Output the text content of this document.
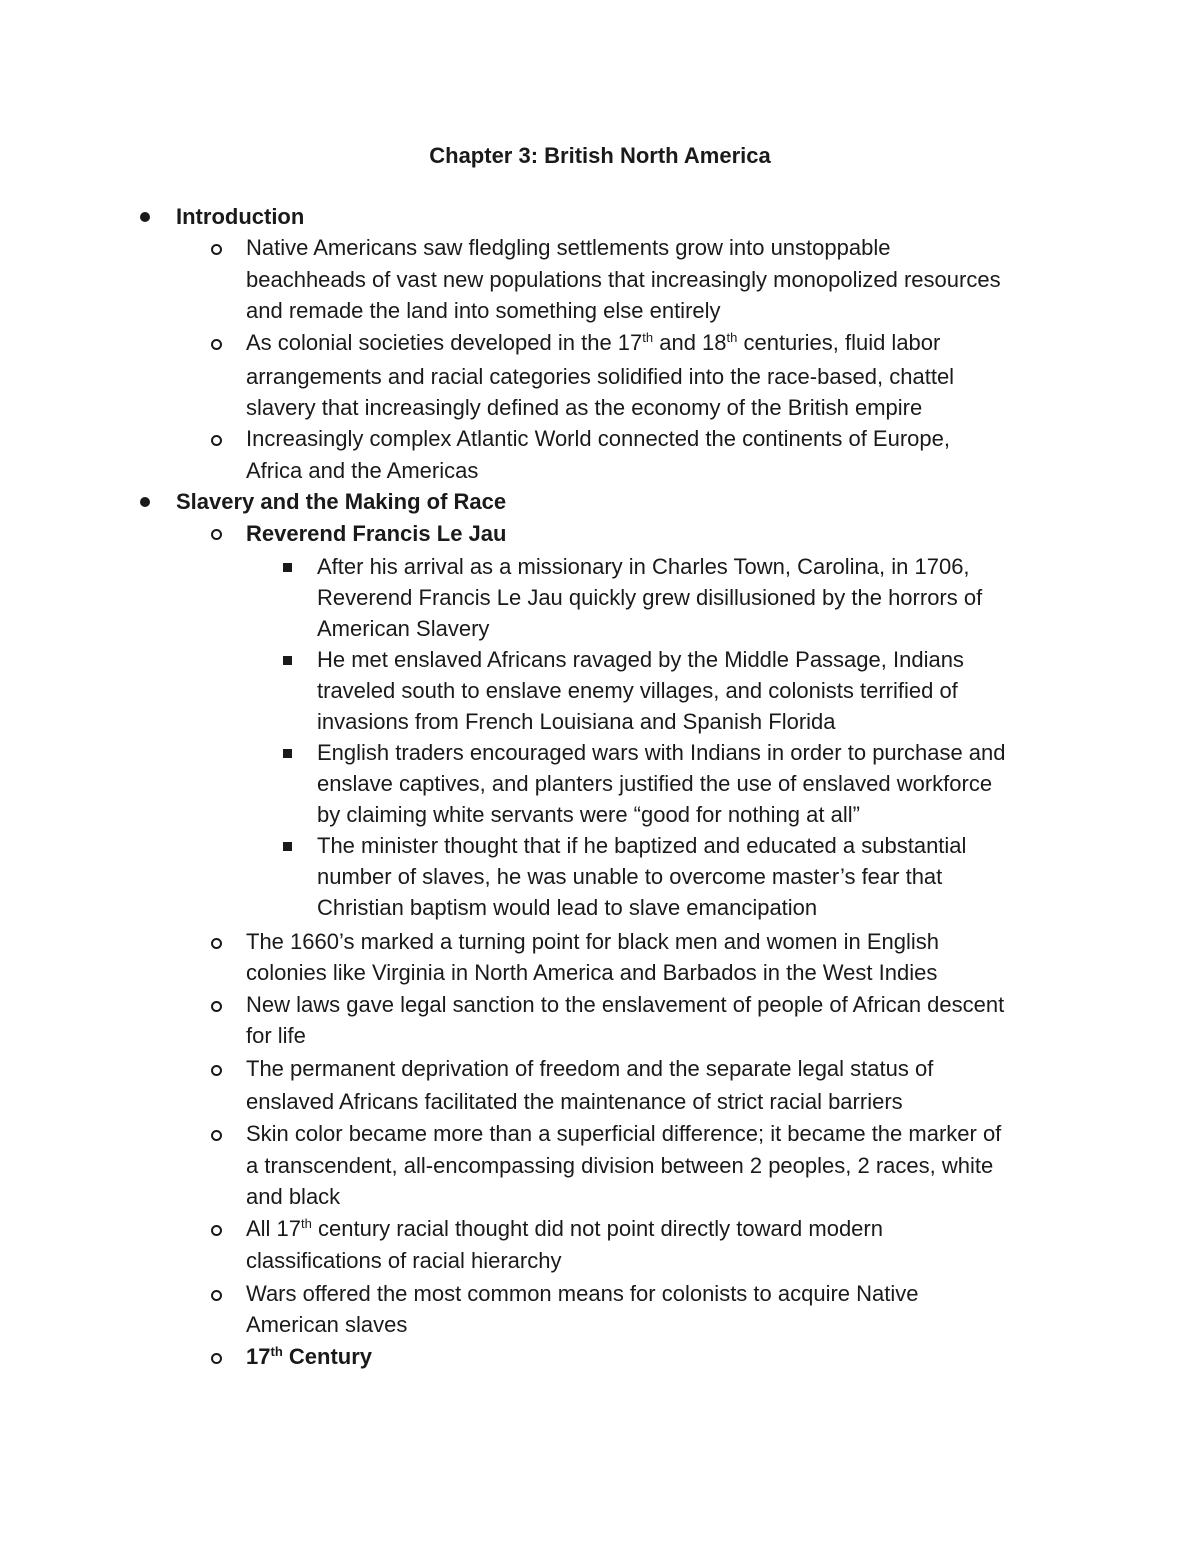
Chapter 3: British North America
Introduction
Native Americans saw fledgling settlements grow into unstoppable
beachheads of vast new populations that increasingly monopolized resources
and remade the land into something else entirely
As colonial societies developed in the 17th and 18th centuries, fluid labor
arrangements and racial categories solidified into the race-based, chattel
slavery that increasingly defined as the economy of the British empire
Increasingly complex Atlantic World connected the continents of Europe,
Africa and the Americas
Slavery and the Making of Race
Reverend Francis Le Jau
After his arrival as a missionary in Charles Town, Carolina, in 1706,
Reverend Francis Le Jau quickly grew disillusioned by the horrors of
American Slavery
He met enslaved Africans ravaged by the Middle Passage, Indians
traveled south to enslave enemy villages, and colonists terrified of
invasions from French Louisiana and Spanish Florida
English traders encouraged wars with Indians in order to purchase and
enslave captives, and planters justified the use of enslaved workforce
by claiming white servants were “good for nothing at all”
The minister thought that if he baptized and educated a substantial
number of slaves, he was unable to overcome master’s fear that
Christian baptism would lead to slave emancipation
The 1660’s marked a turning point for black men and women in English
colonies like Virginia in North America and Barbados in the West Indies
New laws gave legal sanction to the enslavement of people of African descent
for life
The permanent deprivation of freedom and the separate legal status of
enslaved Africans facilitated the maintenance of strict racial barriers
Skin color became more than a superficial difference; it became the marker of
a transcendent, all-encompassing division between 2 peoples, 2 races, white
and black
All 17th century racial thought did not point directly toward modern
classifications of racial hierarchy
Wars offered the most common means for colonists to acquire Native
American slaves
17th Century
